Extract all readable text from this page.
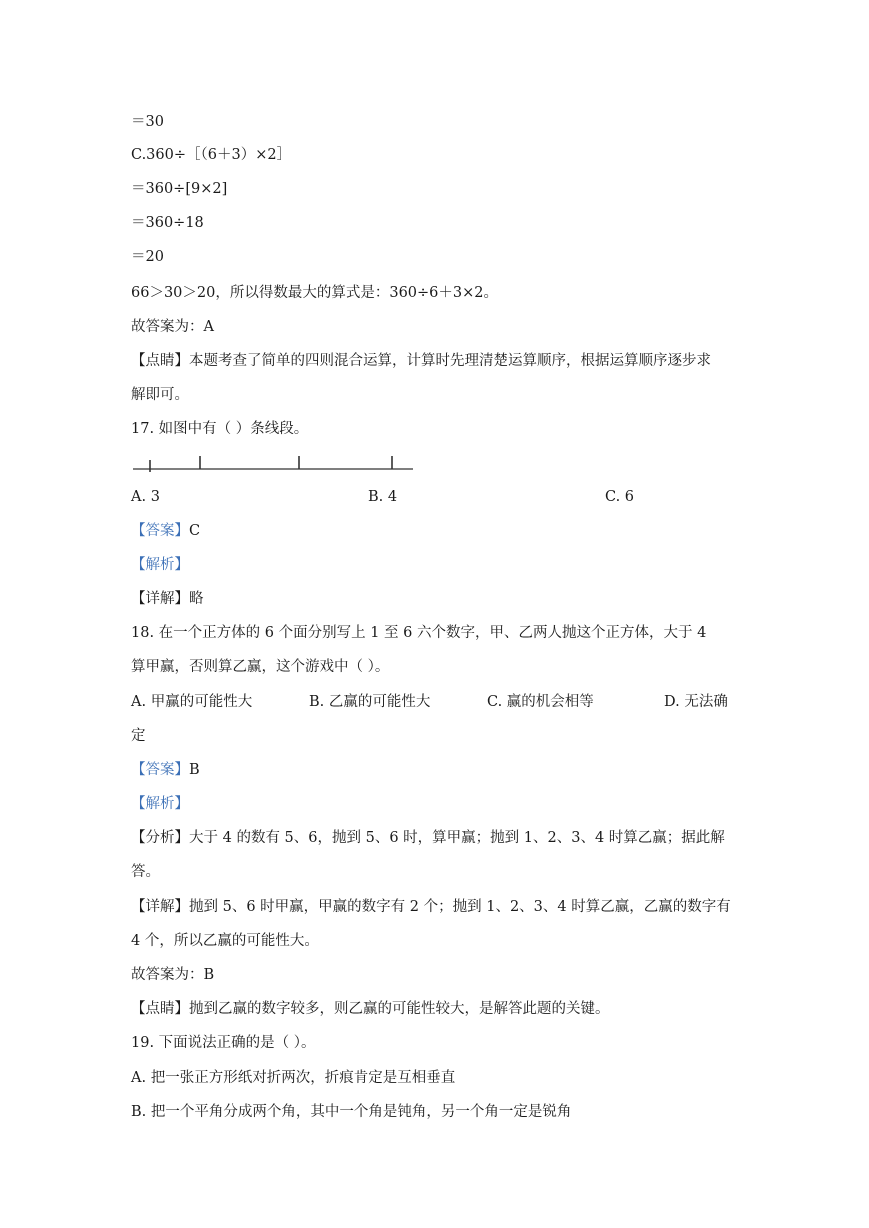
＝30
C.360÷［（6＋3）×2］
＝360÷[9×2]
＝360÷18
＝20
66＞30＞20，所以得数最大的算式是：360÷6＋3×2。
故答案为：A
【点睛】本题考查了简单的四则混合运算，计算时先理清楚运算顺序，根据运算顺序逐步求
解即可。
17. 如图中有（ ）条线段。
A. 3	B. 4	C. 6
【答案】C
【解析】
【详解】略
18. 在一个正方体的 6 个面分别写上 1 至 6 六个数字，甲、乙两人抛这个正方体，大于 4
算甲赢，否则算乙赢，这个游戏中（ ）。
A. 甲赢的可能性大	B. 乙赢的可能性大	C. 赢的机会相等	D. 无法确
定
【答案】B
【解析】
【分析】大于 4 的数有 5、6，抛到 5、6 时，算甲赢；抛到 1、2、3、4 时算乙赢；据此解
答。
【详解】抛到 5、6 时甲赢，甲赢的数字有 2 个；抛到 1、2、3、4 时算乙赢，乙赢的数字有
4 个，所以乙赢的可能性大。
故答案为：B
【点睛】抛到乙赢的数字较多，则乙赢的可能性较大，是解答此题的关键。
19. 下面说法正确的是（ ）。
A. 把一张正方形纸对折两次，折痕肯定是互相垂直
B. 把一个平角分成两个角，其中一个角是钝角，另一个角一定是锐角
